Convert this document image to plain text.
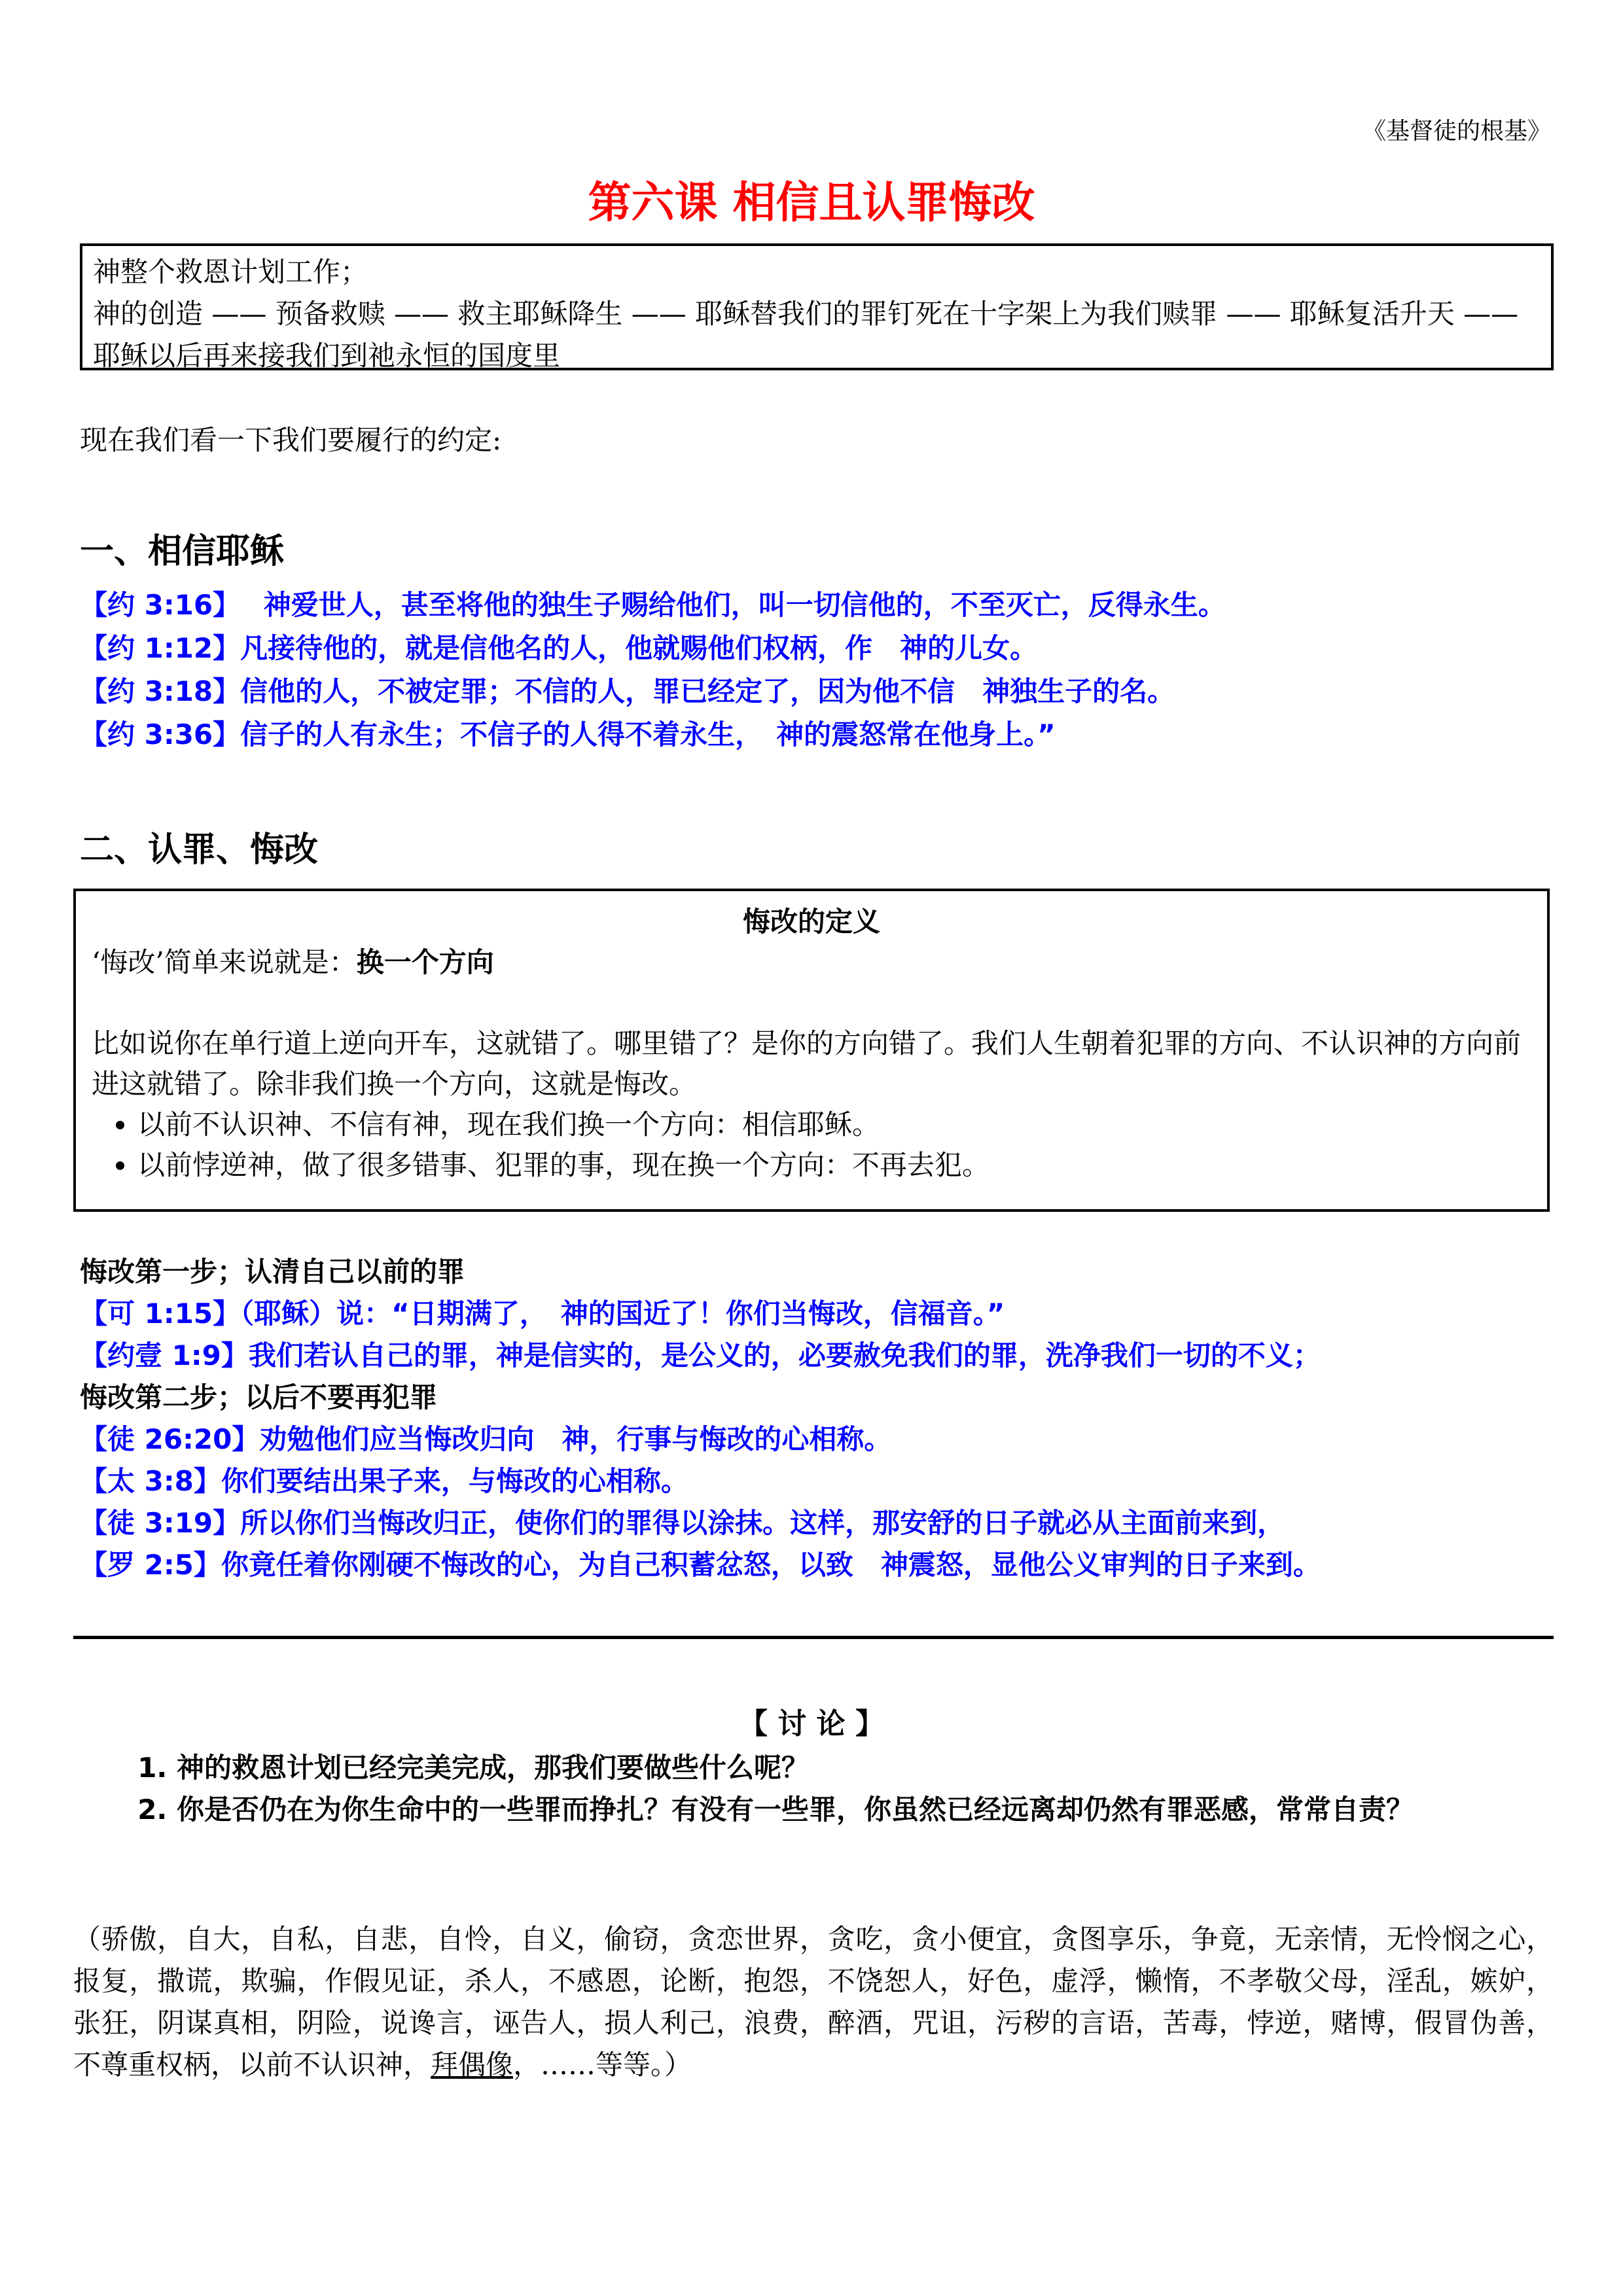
《基督徒的根基》
第六课 相信且认罪悔改

神整个救恩计划工作；

神的创造 —— 预备救赎 —— 救主耶稣降生 —— 耶稣替我们的罪钉死在十字架上为我们赎罪 —— 耶稣复活升天 —— 耶稣以后再来接我们到祂永恒的国度里

现在我们看一下我们要履行的约定:
一、相信耶稣
【约 3:16】　 神爱世人，甚至将他的独生子赐给他们，叫一切信他的，不至灭亡，反得永生。
【约 1:12】凡接待他的，就是信他名的人，他就赐他们权柄，作　神的儿女。
【约 3:18】信他的人，不被定罪；不信的人，罪已经定了，因为他不信　神独生子的名。
【约 3:36】信子的人有永生；不信子的人得不着永生，　神的震怒常在他身上。”
二、认罪、悔改

悔改的定义

‘悔改’简单来说就是：换一个方向

比如说你在单行道上逆向开车，这就错了。哪里错了？是你的方向错了。我们人生朝着犯罪的方向、不认识神的方向前进这就错了。除非我们换一个方向，这就是悔改。

• 以前不认识神、不信有神，现在我们换一个方向：相信耶稣。
• 以前悖逆神，做了很多错事、犯罪的事，现在换一个方向：不再去犯。
悔改第一步；认清自己以前的罪
【可 1:15】（耶稣）说：“日期满了，　神的国近了！你们当悔改，信福音。”
【约壹 1:9】我们若认自己的罪，神是信实的，是公义的，必要赦免我们的罪，洗净我们一切的不义；
悔改第二步；以后不要再犯罪
【徒 26:20】劝勉他们应当悔改归向　神，行事与悔改的心相称。
【太 3:8】你们要结出果子来，与悔改的心相称。
【徒 3:19】所以你们当悔改归正，使你们的罪得以涂抹。这样，那安舒的日子就必从主面前来到，
【罗 2:5】你竟任着你刚硬不悔改的心，为自己积蓄忿怒，以致　神震怒，显他公义审判的日子来到。
【 讨 论 】
1. 神的救恩计划已经完美完成，那我们要做些什么呢？
2. 你是否仍在为你生命中的一些罪而挣扎？有没有一些罪，你虽然已经远离却仍然有罪恶感，常常自责？
（骄傲，自大，自私，自悲，自怜，自义，偷窃，贪恋世界，贪吃，贪小便宜，贪图享乐，争竟，无亲情，无怜悯之心，报复，撒谎，欺骗，作假见证，杀人，不感恩，论断，抱怨，不饶恕人，好色，虚浮，懒惰，不孝敬父母，淫乱，嫉妒，张狂，阴谋真相，阴险，说谗言，诬告人，损人利己，浪费，醉酒，咒诅，污秽的言语，苦毒，悖逆，赌博，假冒伪善，不尊重权柄，以前不认识神，拜偶像，……等等。）
